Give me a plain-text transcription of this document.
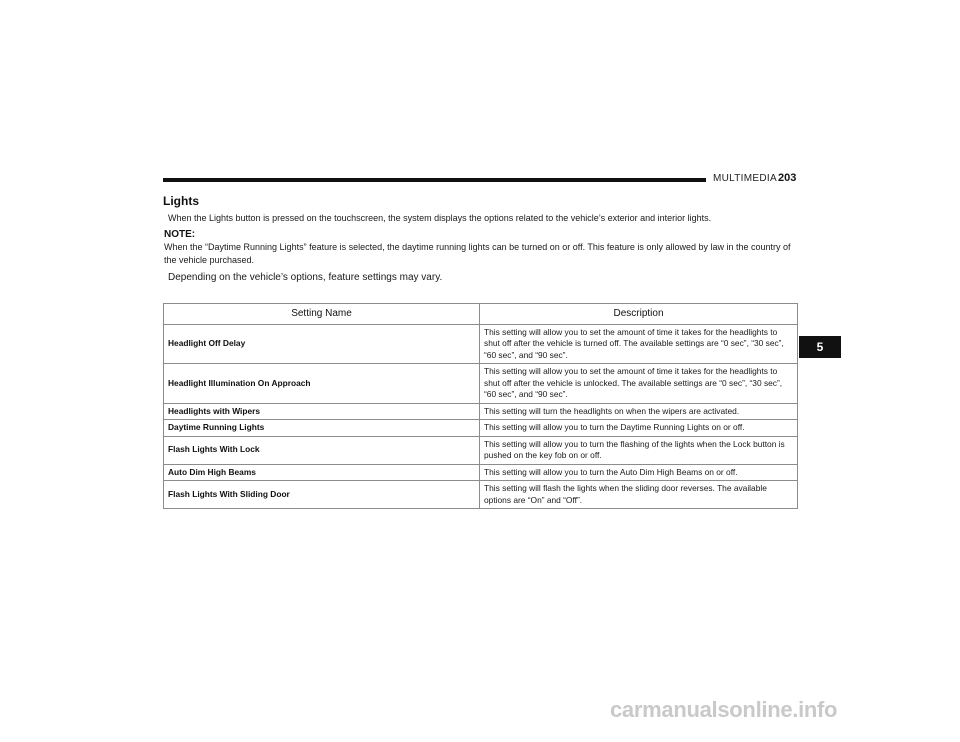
MULTIMEDIA 203
Lights
When the Lights button is pressed on the touchscreen, the system displays the options related to the vehicle’s exterior and interior lights.
NOTE:
When the “Daytime Running Lights” feature is selected, the daytime running lights can be turned on or off. This feature is only allowed by law in the country of the vehicle purchased.
Depending on the vehicle’s options, feature settings may vary.
Setting Name	Description
Headlight Off Delay	This setting will allow you to set the amount of time it takes for the headlights to shut off after the vehicle is turned off. The available settings are “0 sec”, “30 sec”, “60 sec”, and “90 sec”.
Headlight Illumination On Approach	This setting will allow you to set the amount of time it takes for the headlights to shut off after the vehicle is unlocked. The available settings are “0 sec”, “30 sec”, “60 sec”, and “90 sec”.
Headlights with Wipers	This setting will turn the headlights on when the wipers are activated.
Daytime Running Lights	This setting will allow you to turn the Daytime Running Lights on or off.
Flash Lights With Lock	This setting will allow you to turn the flashing of the lights when the Lock button is pushed on the key fob on or off.
Auto Dim High Beams	This setting will allow you to turn the Auto Dim High Beams on or off.
Flash Lights With Sliding Door	This setting will flash the lights when the sliding door reverses. The available options are “On” and “Off”.
5
carmanualsonline.info
